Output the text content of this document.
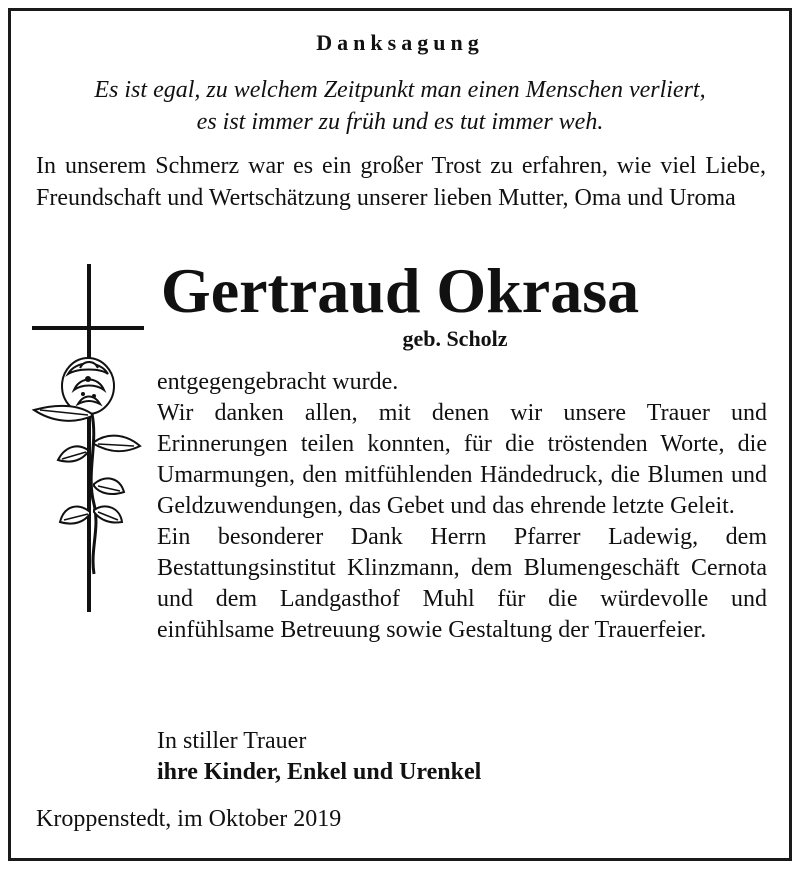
Danksagung
Es ist egal, zu welchem Zeitpunkt man einen Menschen verliert,
es ist immer zu früh und es tut immer weh.
In unserem Schmerz war es ein großer Trost zu erfahren, wie viel Liebe, Freundschaft und Wertschätzung unserer lieben Mutter, Oma und Uroma
Gertraud Okrasa
geb. Scholz

entgegengebracht wurde.

Wir danken allen, mit denen wir unsere Trauer und Erinnerungen teilen konnten, für die tröstenden Worte, die Umarmungen, den mitfühlenden Händedruck, die Blumen und Geldzuwendungen, das Gebet und das ehrende letzte Geleit.

Ein besonderer Dank Herrn Pfarrer Ladewig, dem Bestattungsinstitut Klinzmann, dem Blumengeschäft Cernota und dem Landgasthof Muhl für die würdevolle und einfühlsame Betreuung sowie Gestaltung der Trauerfeier.

In stiller Trauer
ihre Kinder, Enkel und Urenkel
Kroppenstedt, im Oktober 2019
